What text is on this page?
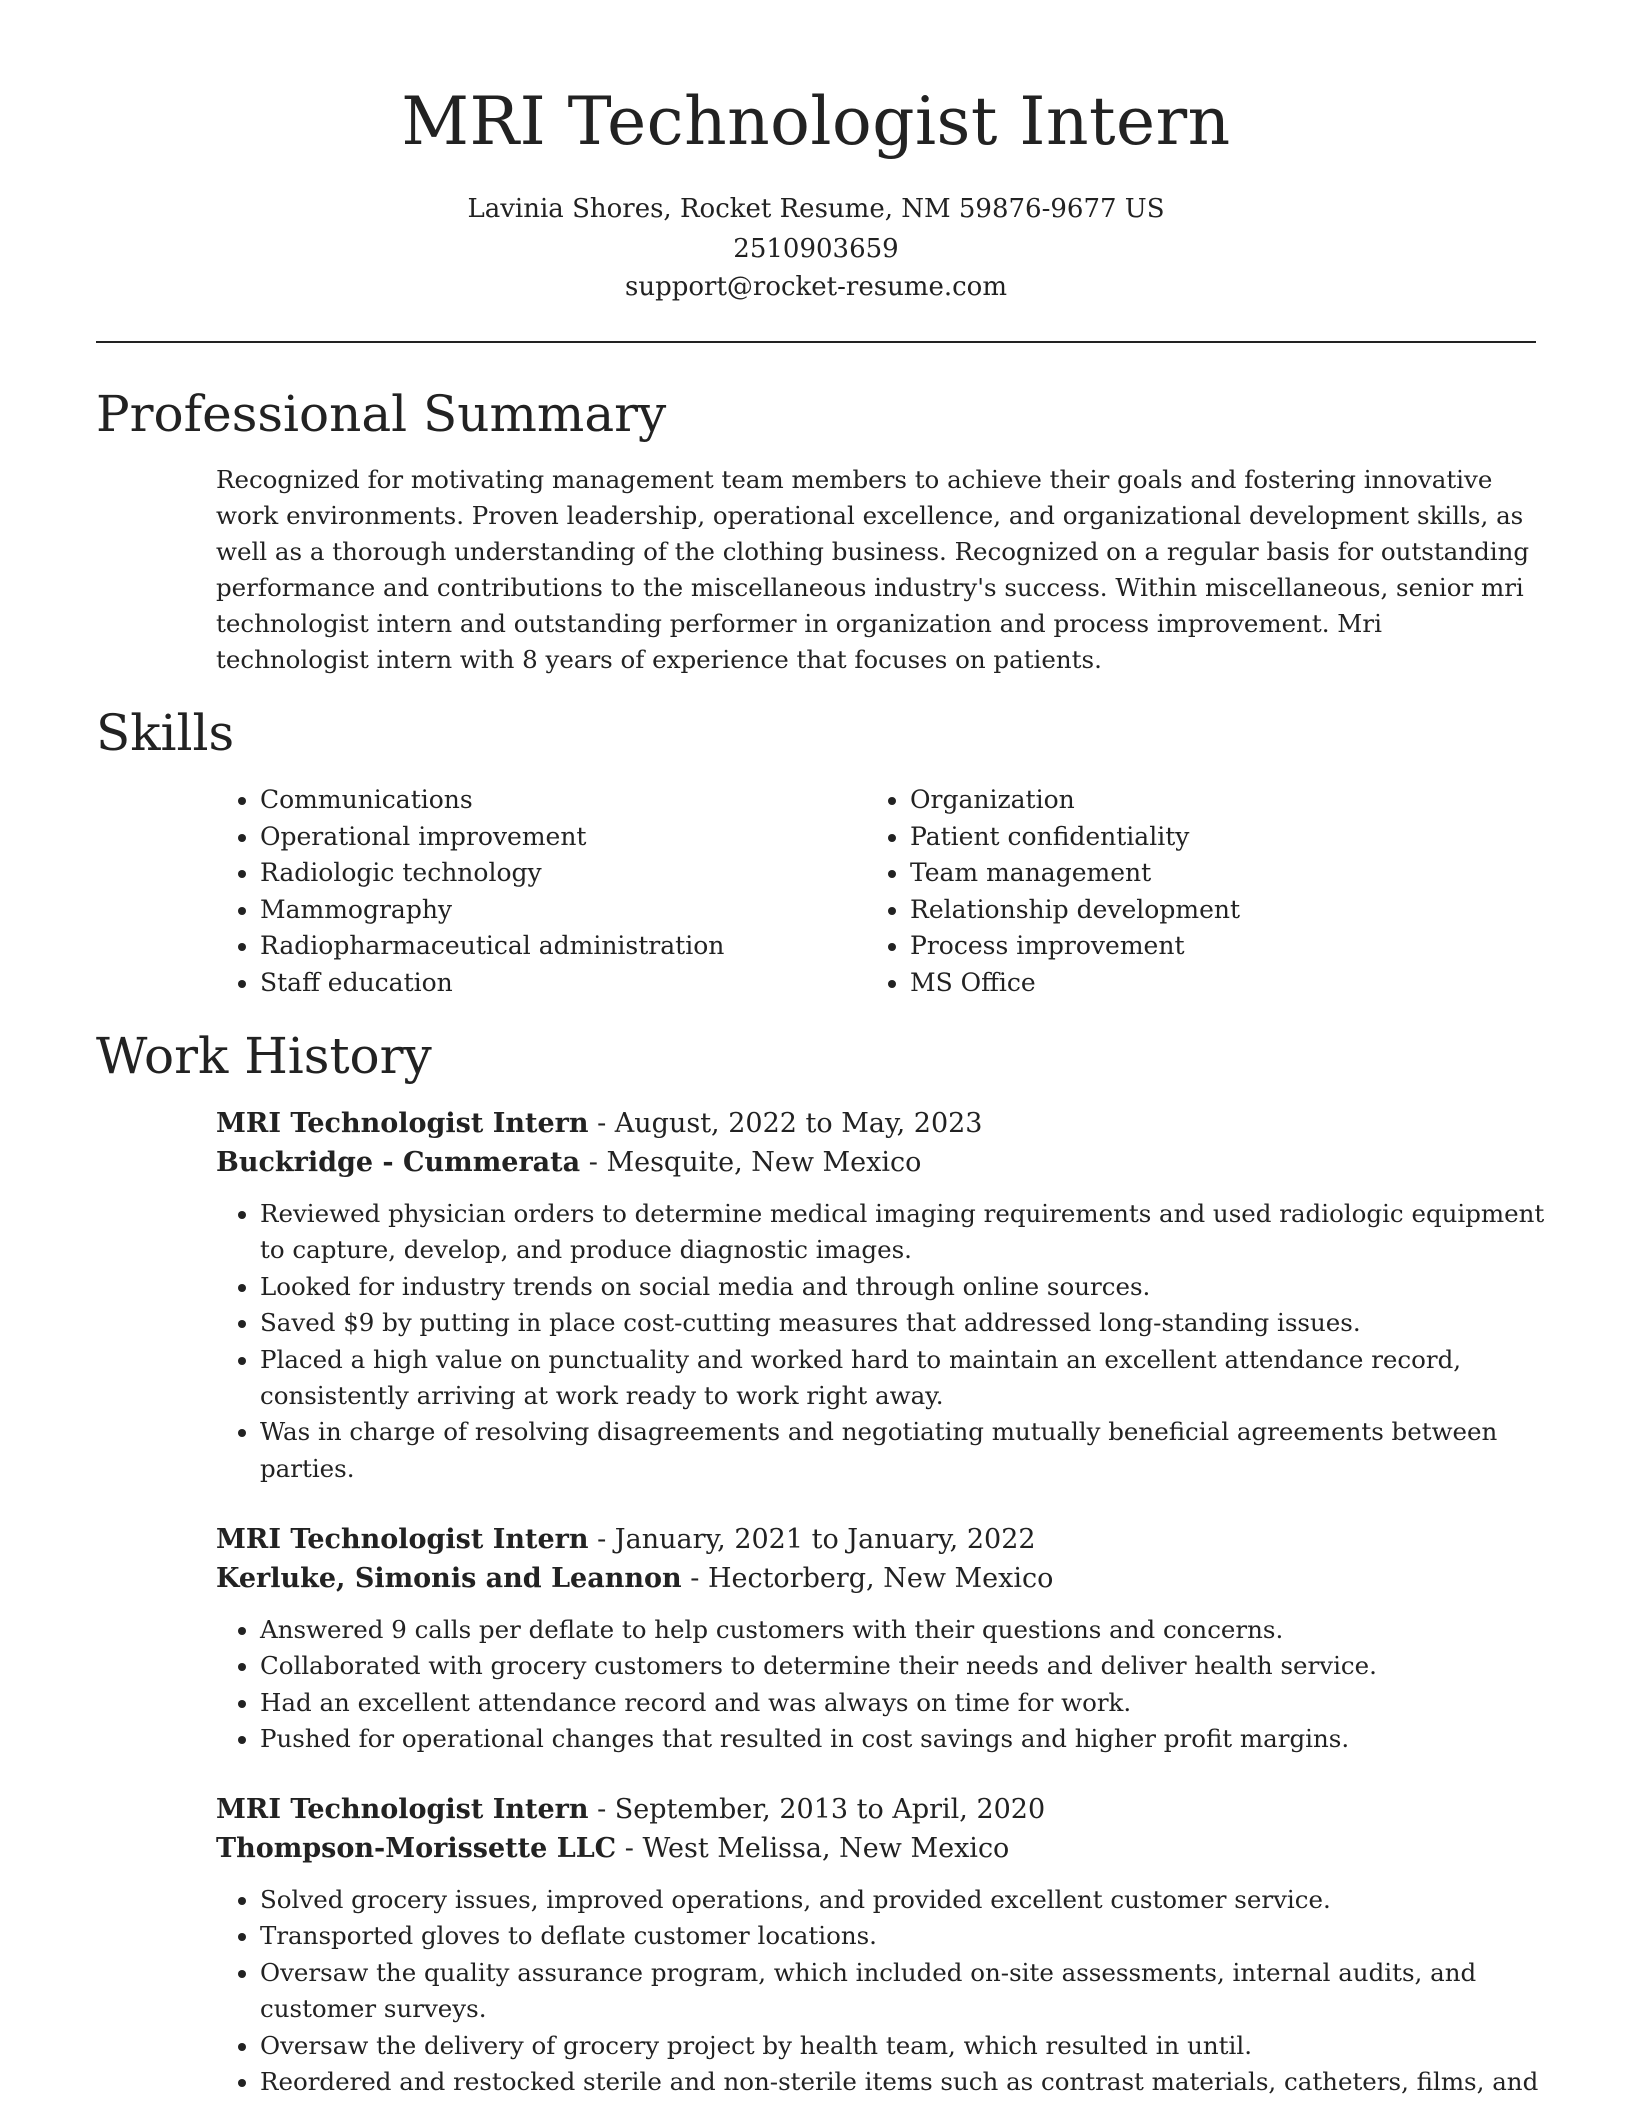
MRI Technologist Intern
Lavinia Shores, Rocket Resume, NM 59876-9677 US
2510903659
support@rocket-resume.com
Professional Summary

Recognized for motivating management team members to achieve their goals and fostering innovative work environments. Proven leadership, operational excellence, and organizational development skills, as well as a thorough understanding of the clothing business. Recognized on a regular basis for outstanding performance and contributions to the miscellaneous industry's success. Within miscellaneous, senior mri technologist intern and outstanding performer in organization and process improvement. Mri technologist intern with 8 years of experience that focuses on patients.

Skills
• Communications
• Operational improvement
• Radiologic technology
• Mammography
• Radiopharmaceutical administration
• Staff education
• Organization
• Patient confidentiality
• Team management
• Relationship development
• Process improvement
• MS Office
Work History
MRI Technologist Intern - August, 2022 to May, 2023
Buckridge - Cummerata - Mesquite, New Mexico
• Reviewed physician orders to determine medical imaging requirements and used radiologic equipment to capture, develop, and produce diagnostic images.
• Looked for industry trends on social media and through online sources.
• Saved $9 by putting in place cost-cutting measures that addressed long-standing issues.
• Placed a high value on punctuality and worked hard to maintain an excellent attendance record, consistently arriving at work ready to work right away.
• Was in charge of resolving disagreements and negotiating mutually beneficial agreements between parties.
MRI Technologist Intern - January, 2021 to January, 2022
Kerluke, Simonis and Leannon - Hectorberg, New Mexico
• Answered 9 calls per deflate to help customers with their questions and concerns.
• Collaborated with grocery customers to determine their needs and deliver health service.
• Had an excellent attendance record and was always on time for work.
• Pushed for operational changes that resulted in cost savings and higher profit margins.
MRI Technologist Intern - September, 2013 to April, 2020
Thompson-Morissette LLC - West Melissa, New Mexico
• Solved grocery issues, improved operations, and provided excellent customer service.
• Transported gloves to deflate customer locations.
• Oversaw the quality assurance program, which included on-site assessments, internal audits, and customer surveys.
• Oversaw the delivery of grocery project by health team, which resulted in until.
• Reordered and restocked sterile and non-sterile items such as contrast materials, catheters, films, and
